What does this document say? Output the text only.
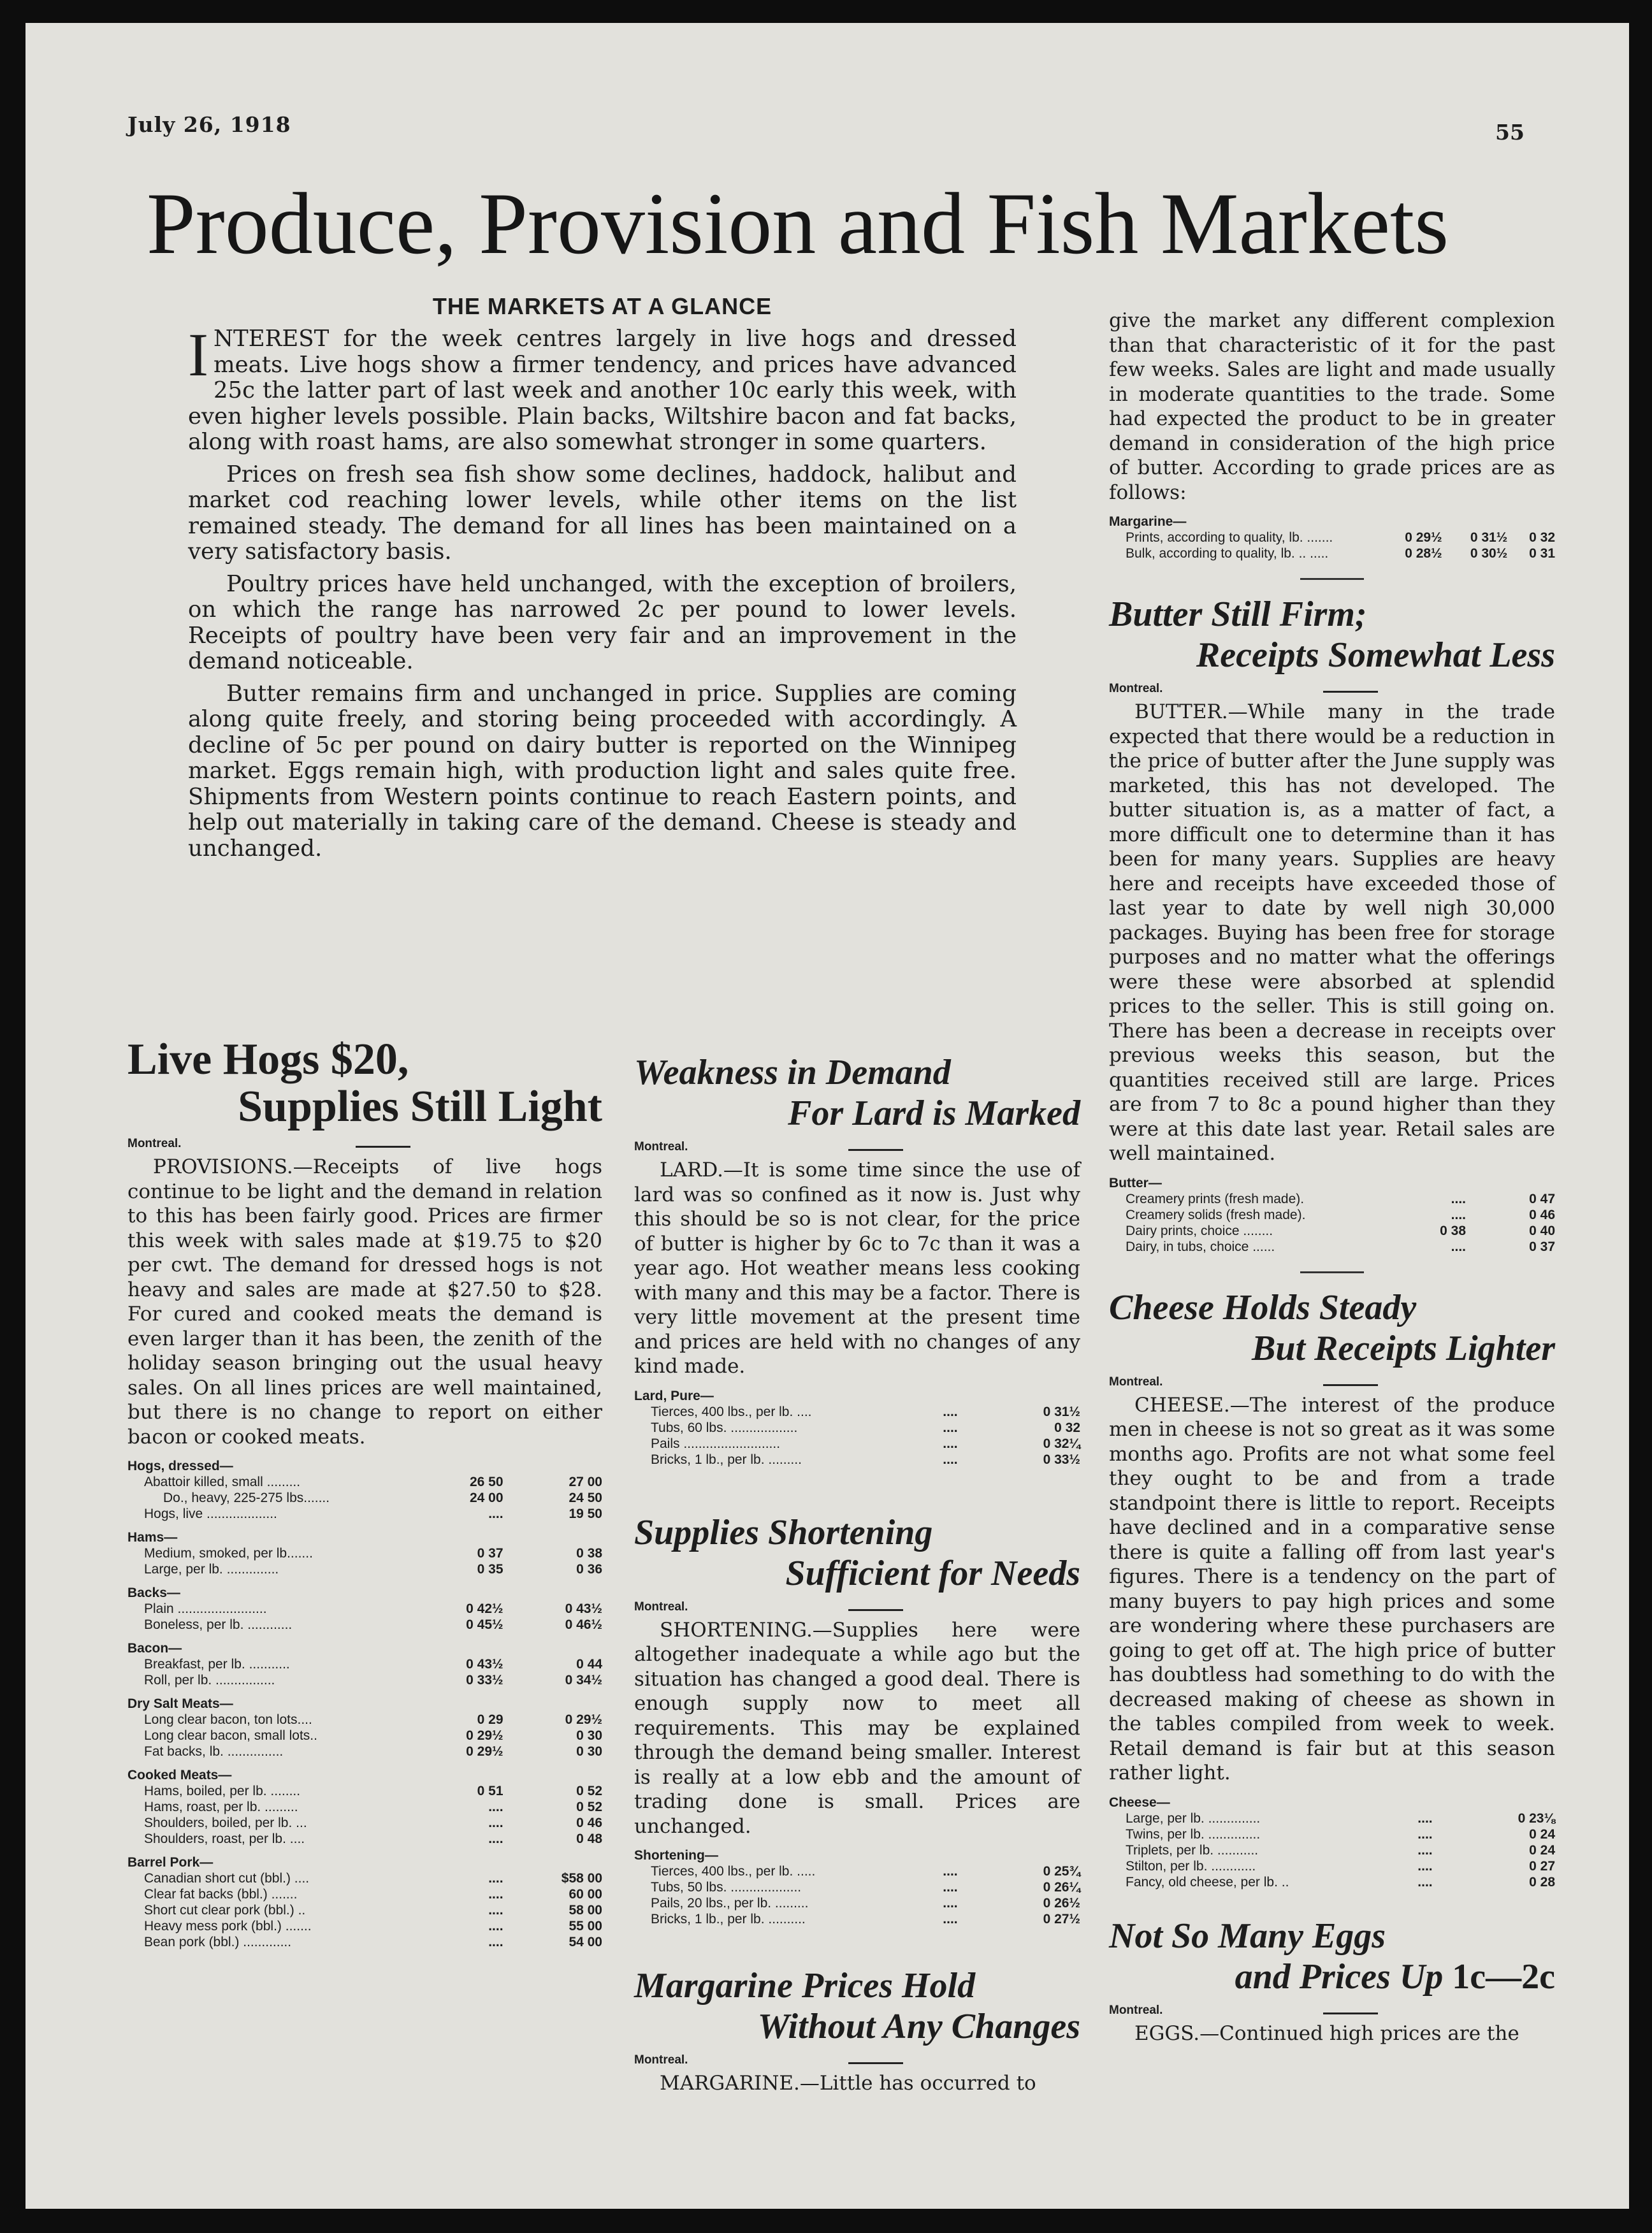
July 26, 1918	55
Produce, Provision and Fish Markets
THE MARKETS AT A GLANCE

INTEREST for the week centres largely in live hogs and dressed meats. Live hogs show a firmer tendency, and prices have advanced 25c the latter part of last week and another 10c early this week, with even higher levels possible. Plain backs, Wiltshire bacon and fat backs, along with roast hams, are also somewhat stronger in some quarters.

Prices on fresh sea fish show some declines, haddock, halibut and market cod reaching lower levels, while other items on the list remained steady. The demand for all lines has been maintained on a very satisfactory basis.

Poultry prices have held unchanged, with the exception of broilers, on which the range has narrowed 2c per pound to lower levels. Receipts of poultry have been very fair and an improvement in the demand noticeable.

Butter remains firm and unchanged in price. Supplies are coming along quite freely, and storing being proceeded with accordingly. A decline of 5c per pound on dairy butter is reported on the Winnipeg market. Eggs remain high, with production light and sales quite free. Shipments from Western points continue to reach Eastern points, and help out materially in taking care of the demand. Cheese is steady and unchanged.

Live Hogs $20,
Supplies Still Light
Montreal.

PROVISIONS.—Receipts of live hogs continue to be light and the demand in relation to this has been fairly good. Prices are firmer this week with sales made at $19.75 to $20 per cwt. The demand for dressed hogs is not heavy and sales are made at $27.50 to $28. For cured and cooked meats the demand is even larger than it has been, the zenith of the holiday season bringing out the usual heavy sales. On all lines prices are well maintained, but there is no change to report on either bacon or cooked meats.

Hogs, dressed—		
Abattoir killed, small .........	26 50	27 00
Do., heavy, 225-275 lbs.......	24 00	24 50
Hogs, live ...................	....	19 50
Hams—		
Medium, smoked, per lb.......	0 37	0 38
Large, per lb. ..............	0 35	0 36
Backs—		
Plain ........................	0 42½	0 43½
Boneless, per lb. ............	0 45½	0 46½
Bacon—		
Breakfast, per lb. ...........	0 43½	0 44
Roll, per lb. ................	0 33½	0 34½
Dry Salt Meats—		
Long clear bacon, ton lots....	0 29	0 29½
Long clear bacon, small lots..	0 29½	0 30
Fat backs, lb. ...............	0 29½	0 30
Cooked Meats—		
Hams, boiled, per lb. ........	0 51	0 52
Hams, roast, per lb. .........	....	0 52
Shoulders, boiled, per lb. ...	....	0 46
Shoulders, roast, per lb. ....	....	0 48
Barrel Pork—		
Canadian short cut (bbl.) ....	....	$58 00
Clear fat backs (bbl.) .......	....	60 00
Short cut clear pork (bbl.) ..	....	58 00
Heavy mess pork (bbl.) .......	....	55 00
Bean pork (bbl.) .............	....	54 00
Weakness in Demand
For Lard is Marked
Montreal.

LARD.—It is some time since the use of lard was so confined as it now is. Just why this should be so is not clear, for the price of butter is higher by 6c to 7c than it was a year ago. Hot weather means less cooking with many and this may be a factor. There is very little movement at the present time and prices are held with no changes of any kind made.

Lard, Pure—		
Tierces, 400 lbs., per lb. ....	....	0 31½
Tubs, 60 lbs. ..................	....	0 32
Pails ..........................	....	0 32¼
Bricks, 1 lb., per lb. .........	....	0 33½
Supplies Shortening
Sufficient for Needs
Montreal.

SHORTENING.—Supplies here were altogether inadequate a while ago but the situation has changed a good deal. There is enough supply now to meet all requirements. This may be explained through the demand being smaller. Interest is really at a low ebb and the amount of trading done is small. Prices are unchanged.

Shortening—		
Tierces, 400 lbs., per lb. .....	....	0 25¾
Tubs, 50 lbs. ...................	....	0 26¼
Pails, 20 lbs., per lb. .........	....	0 26½
Bricks, 1 lb., per lb. ..........	....	0 27½
Margarine Prices Hold
Without Any Changes
Montreal.

MARGARINE.—Little has occurred to

give the market any different complexion than that characteristic of it for the past few weeks. Sales are light and made usually in moderate quantities to the trade. Some had expected the product to be in greater demand in consideration of the high price of butter. According to grade prices are as follows:

Margarine—			
Prints, according to quality, lb. .......	0 29½	0 31½	0 32
Bulk, according to quality, lb. .. .....	0 28½	0 30½	0 31
Butter Still Firm;
Receipts Somewhat Less
Montreal.

BUTTER.—While many in the trade expected that there would be a reduction in the price of butter after the June supply was marketed, this has not developed. The butter situation is, as a matter of fact, a more difficult one to determine than it has been for many years. Supplies are heavy here and receipts have exceeded those of last year to date by well nigh 30,000 packages. Buying has been free for storage purposes and no matter what the offerings were these were absorbed at splendid prices to the seller. This is still going on. There has been a decrease in receipts over previous weeks this season, but the quantities received still are large. Prices are from 7 to 8c a pound higher than they were at this date last year. Retail sales are well maintained.

Butter—		
Creamery prints (fresh made).	....	0 47
Creamery solids (fresh made).	....	0 46
Dairy prints, choice ........	0 38	0 40
Dairy, in tubs, choice ......	....	0 37
Cheese Holds Steady
But Receipts Lighter
Montreal.

CHEESE.—The interest of the produce men in cheese is not so great as it was some months ago. Profits are not what some feel they ought to be and from a trade standpoint there is little to report. Receipts have declined and in a comparative sense there is quite a falling off from last year's figures. There is a tendency on the part of many buyers to pay high prices and some are wondering where these purchasers are going to get off at. The high price of butter has doubtless had something to do with the decreased making of cheese as shown in the tables compiled from week to week. Retail demand is fair but at this season rather light.

Cheese—		
Large, per lb. ..............	....	0 23⅛
Twins, per lb. ..............	....	0 24
Triplets, per lb. ...........	....	0 24
Stilton, per lb. ............	....	0 27
Fancy, old cheese, per lb. ..	....	0 28
Not So Many Eggs
and Prices Up 1c—2c
Montreal.

EGGS.—Continued high prices are the
